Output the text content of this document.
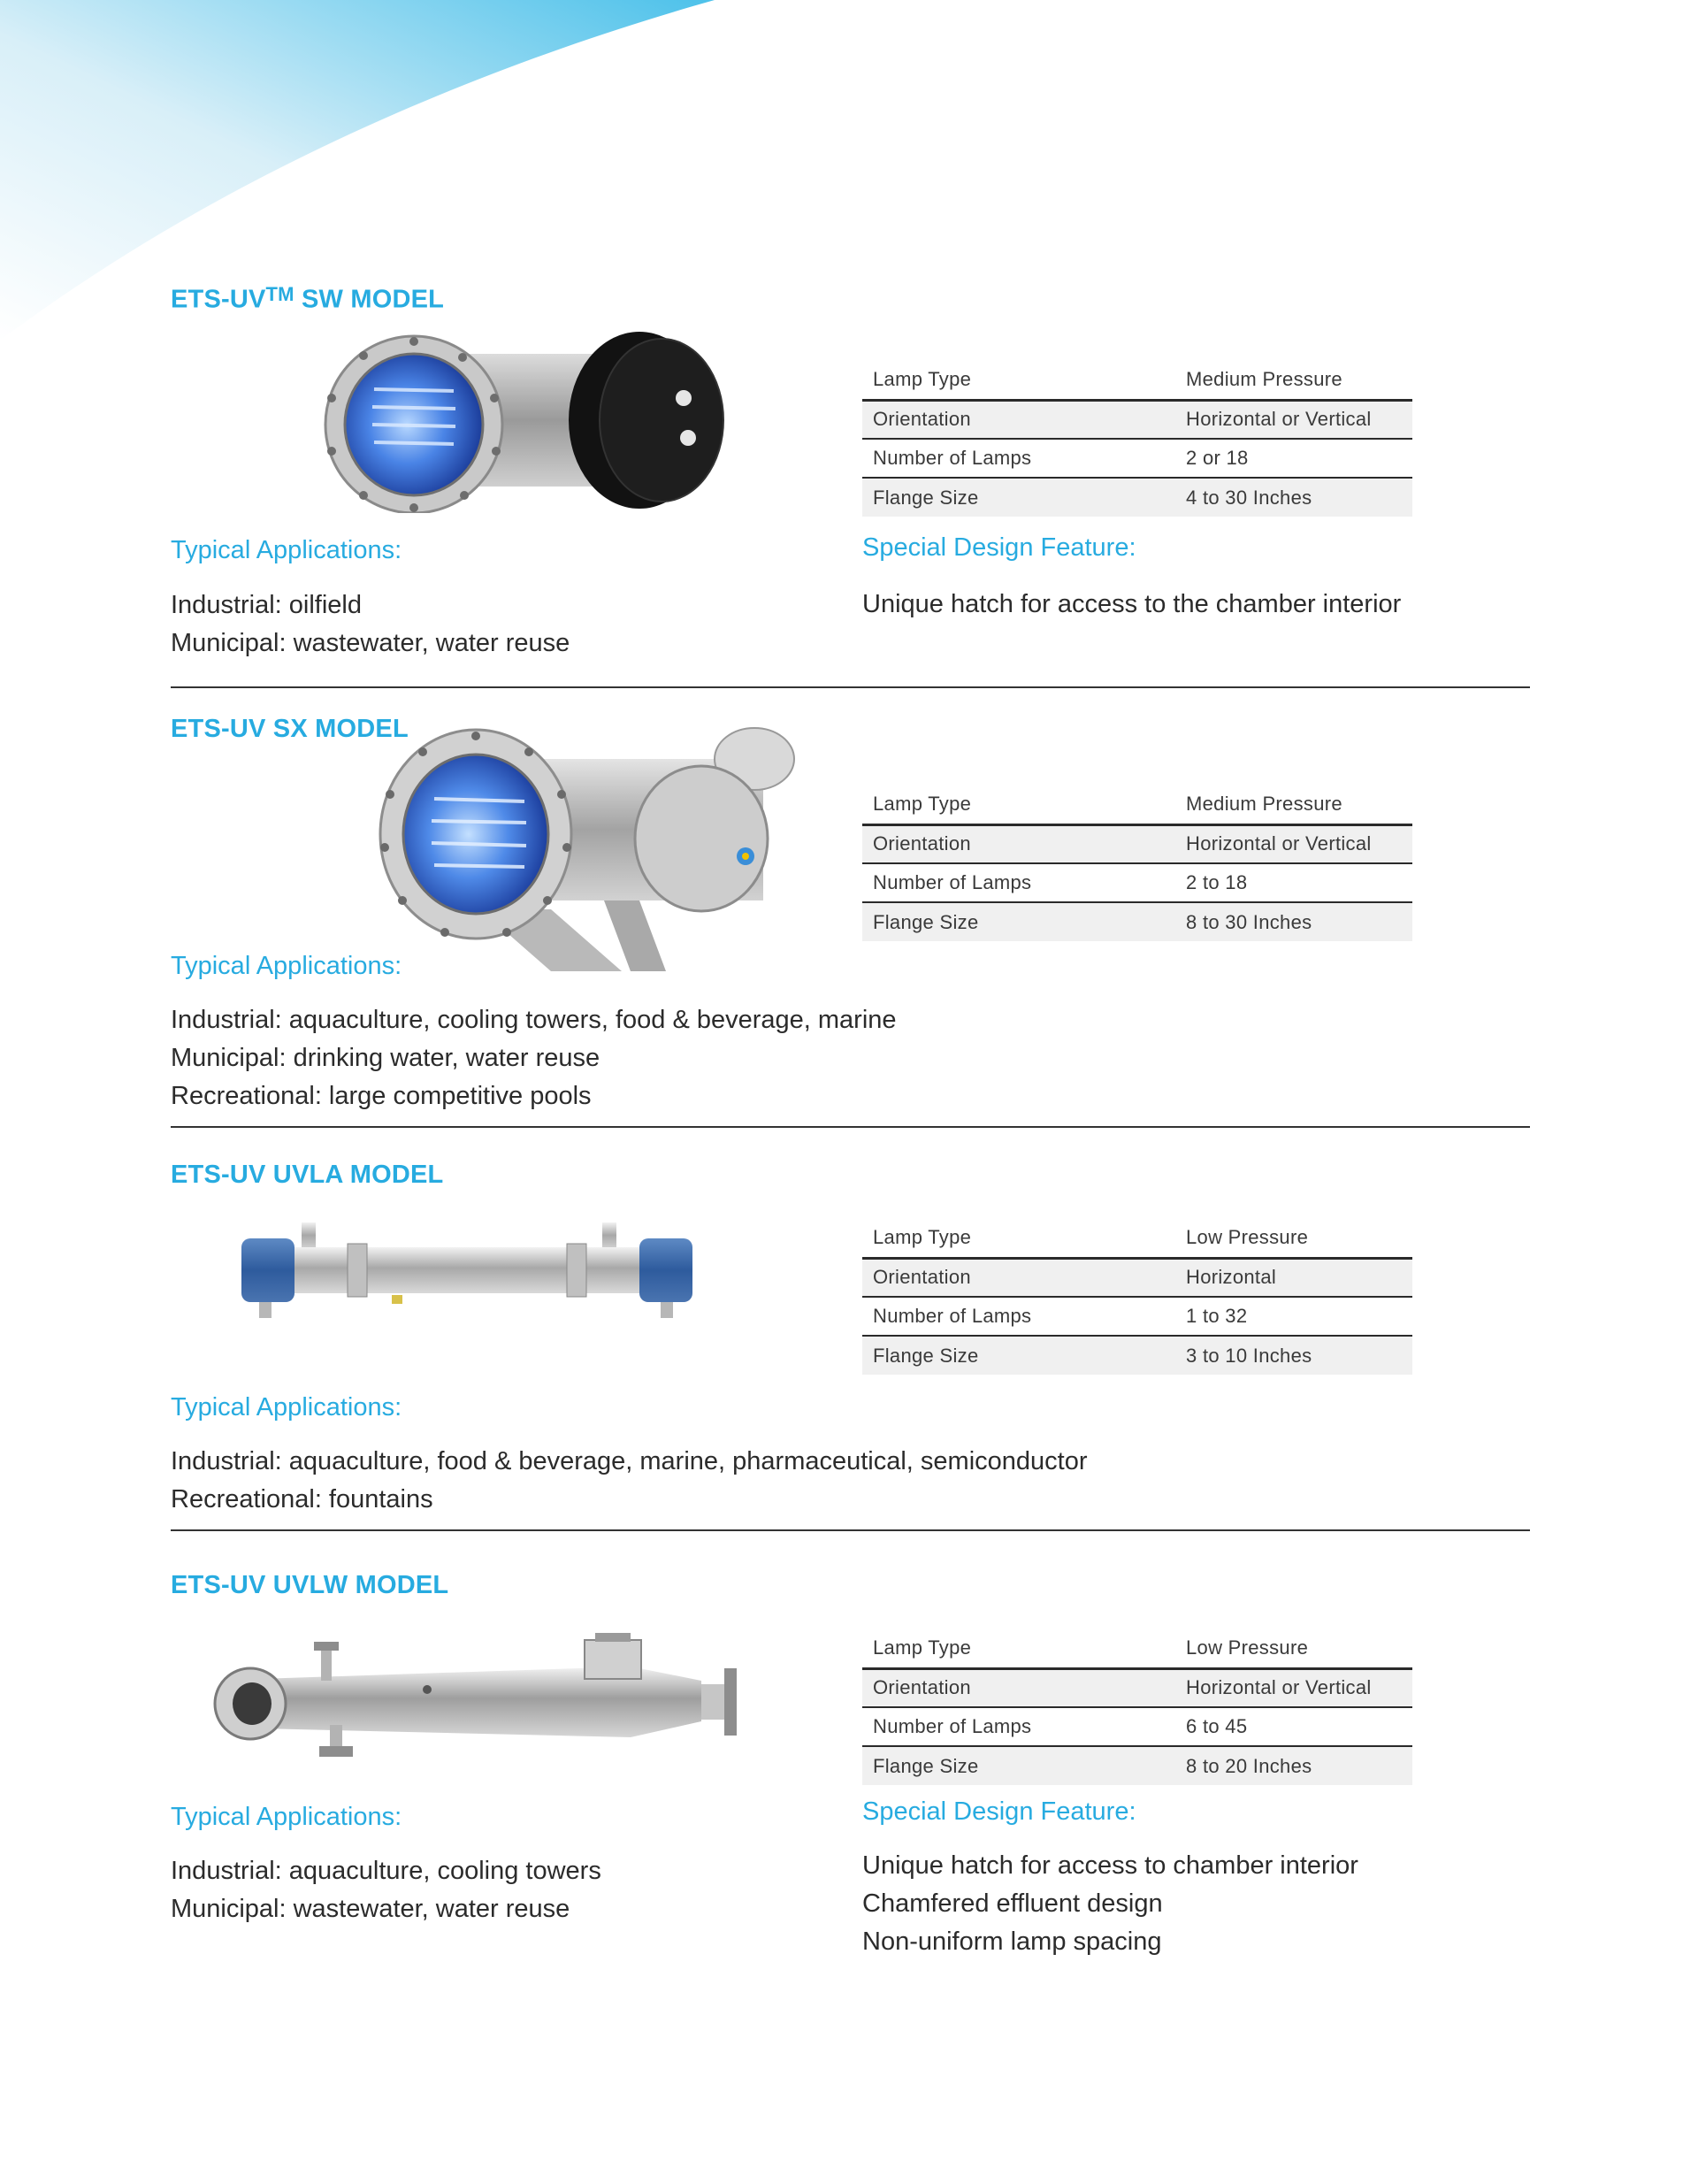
ETS-UV™ SW MODEL
Lamp Type	Medium Pressure
Orientation	Horizontal or Vertical
Number of Lamps	2 or 18
Flange Size	4 to 30 Inches
Typical Applications:
Industrial: oilfield
Municipal: wastewater, water reuse
Special Design Feature:
Unique hatch for access to the chamber interior
ETS-UV SX MODEL
Lamp Type	Medium Pressure
Orientation	Horizontal or Vertical
Number of Lamps	2 to 18
Flange Size	8 to 30 Inches
Typical Applications:
Industrial: aquaculture, cooling towers, food & beverage, marine
Municipal: drinking water, water reuse
Recreational: large competitive pools
ETS-UV UVLA MODEL
Lamp Type	Low Pressure
Orientation	Horizontal
Number of Lamps	1 to 32
Flange Size	3 to 10 Inches
Typical Applications:
Industrial: aquaculture, food & beverage, marine, pharmaceutical, semiconductor
Recreational: fountains
ETS-UV UVLW MODEL
Lamp Type	Low Pressure
Orientation	Horizontal or Vertical
Number of Lamps	6 to 45
Flange Size	8 to 20 Inches
Typical Applications:
Industrial: aquaculture, cooling towers
Municipal: wastewater, water reuse
Special Design Feature:
Unique hatch for access to chamber interior
Chamfered effluent design
Non-uniform lamp spacing
